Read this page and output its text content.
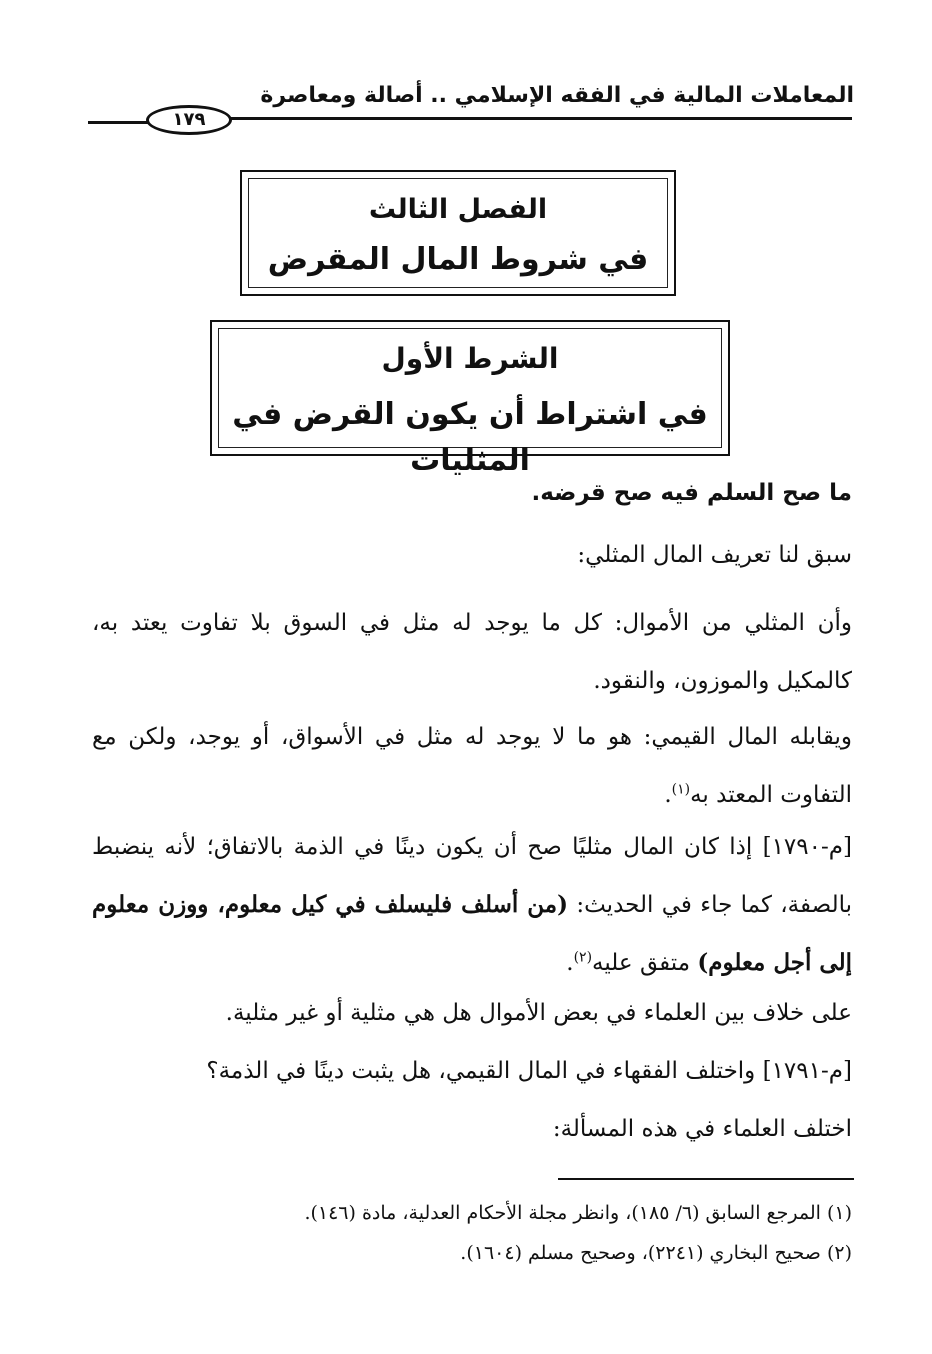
المعاملات المالية في الفقه الإسلامي .. أصالة ومعاصرة
١٧٩
الفصل الثالث
في شروط المال المقرض
الشرط الأول
في اشتراط أن يكون القرض في المثليات
ما صح السلم فيه صح قرضه.
سبق لنا تعريف المال المثلي:
وأن المثلي من الأموال: كل ما يوجد له مثل في السوق بلا تفاوت يعتد به، كالمكيل والموزون، والنقود.
ويقابله المال القيمي: هو ما لا يوجد له مثل في الأسواق، أو يوجد، ولكن مع التفاوت المعتد به$^{(١)}$.
[م-١٧٩٠] إذا كان المال مثليًا صح أن يكون دينًا في الذمة بالاتفاق؛ لأنه ينضبط بالصفة، كما جاء في الحديث: (من أسلف فليسلف في كيل معلوم، ووزن معلوم إلى أجل معلوم) متفق عليه$^{(٢)}$.
على خلاف بين العلماء في بعض الأموال هل هي مثلية أو غير مثلية.
[م-١٧٩١] واختلف الفقهاء في المال القيمي، هل يثبت دينًا في الذمة؟
اختلف العلماء في هذه المسألة:
(١) المرجع السابق (٦/ ١٨٥)، وانظر مجلة الأحكام العدلية، مادة (١٤٦).
(٢) صحيح البخاري (٢٢٤١)، وصحيح مسلم (١٦٠٤).
